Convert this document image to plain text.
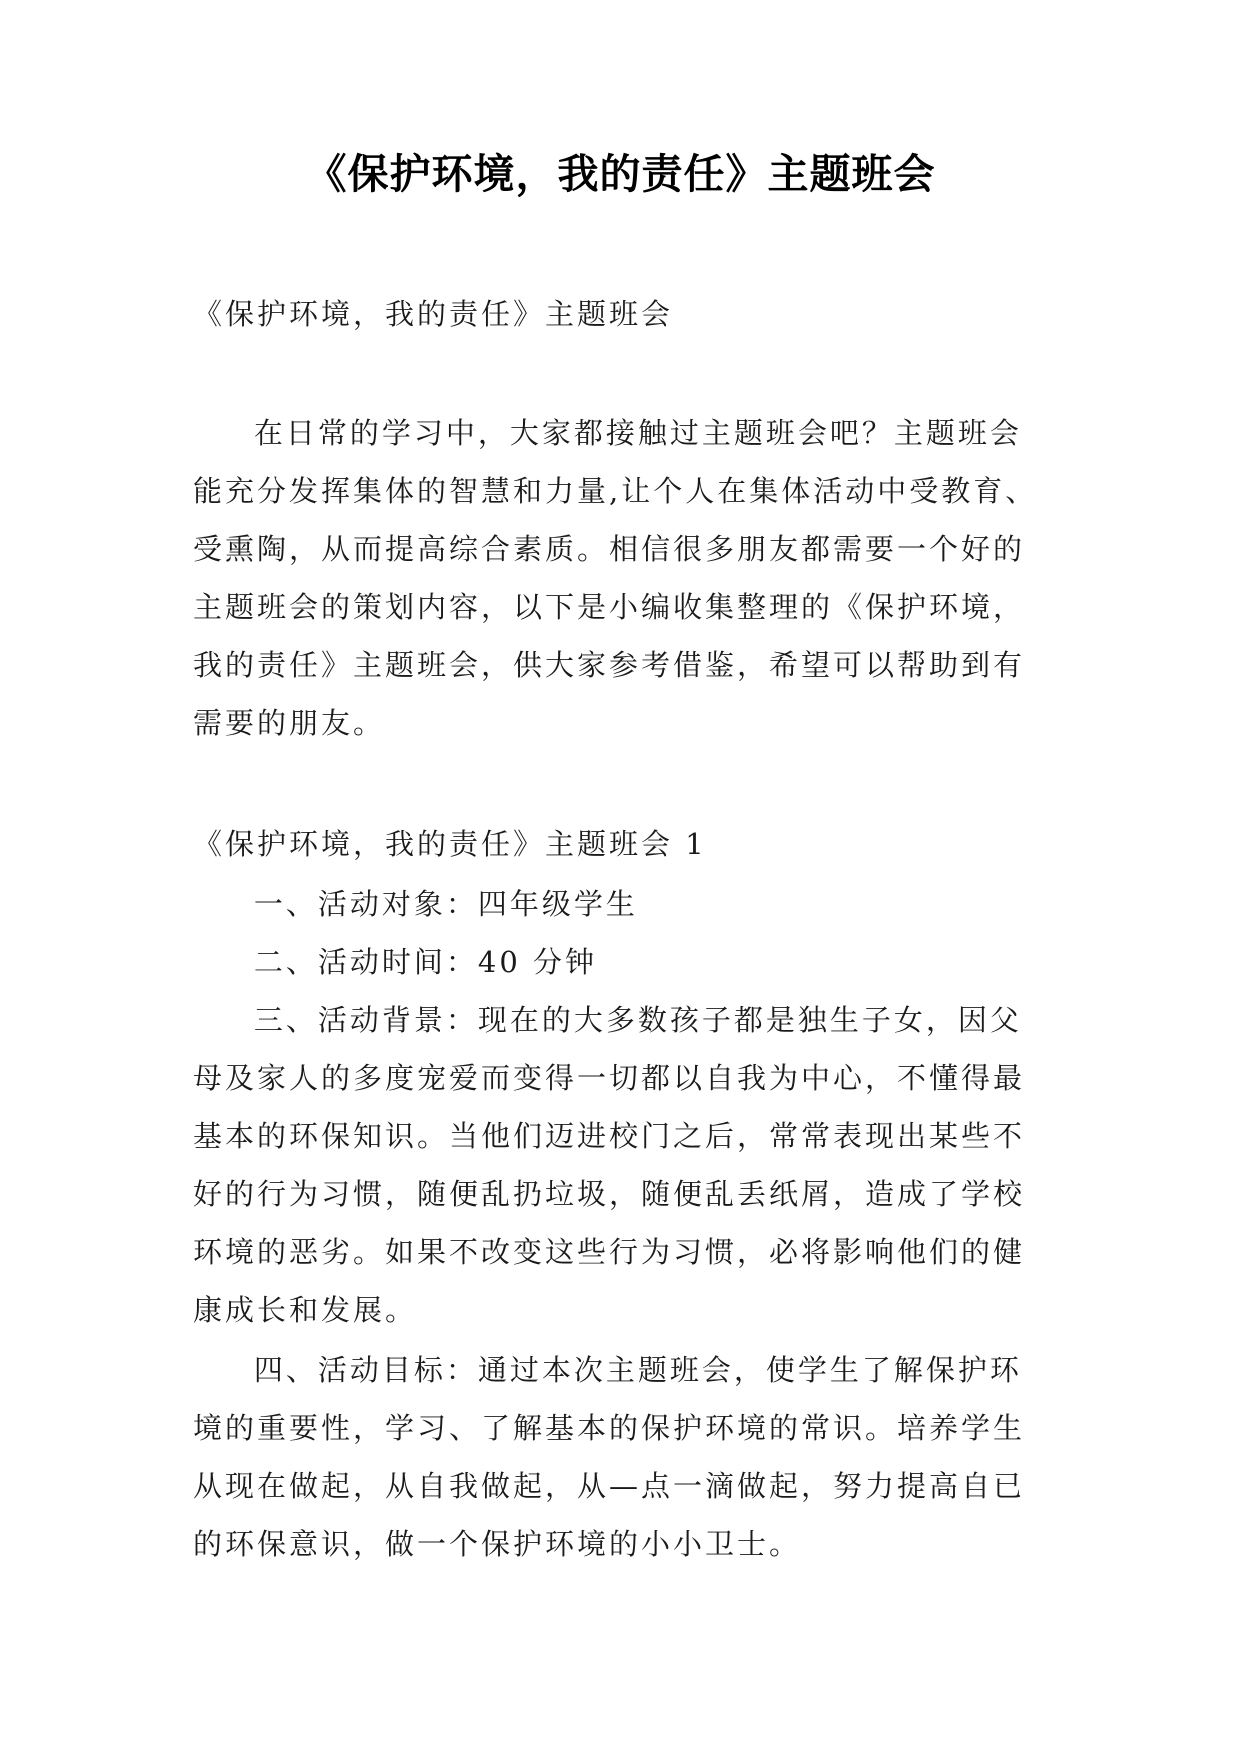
《保护环境，我的责任》主题班会

《保护环境，我的责任》主题班会

在日常的学习中，大家都接触过主题班会吧？主题班会能充分发挥集体的智慧和力量,让个人在集体活动中受教育、受熏陶，从而提高综合素质。相信很多朋友都需要一个好的主题班会的策划内容，以下是小编收集整理的《保护环境，我的责任》主题班会，供大家参考借鉴，希望可以帮助到有需要的朋友。

《保护环境，我的责任》主题班会 1

一、活动对象：四年级学生

二、活动时间：40 分钟

三、活动背景：现在的大多数孩子都是独生子女，因父母及家人的多度宠爱而变得一切都以自我为中心，不懂得最基本的环保知识。当他们迈进校门之后，常常表现出某些不好的行为习惯，随便乱扔垃圾，随便乱丢纸屑，造成了学校环境的恶劣。如果不改变这些行为习惯，必将影响他们的健康成长和发展。

四、活动目标：通过本次主题班会，使学生了解保护环境的重要性，学习、了解基本的保护环境的常识。培养学生从现在做起，从自我做起，从—点一滴做起，努力提高自已的环保意识，做一个保护环境的小小卫士。
